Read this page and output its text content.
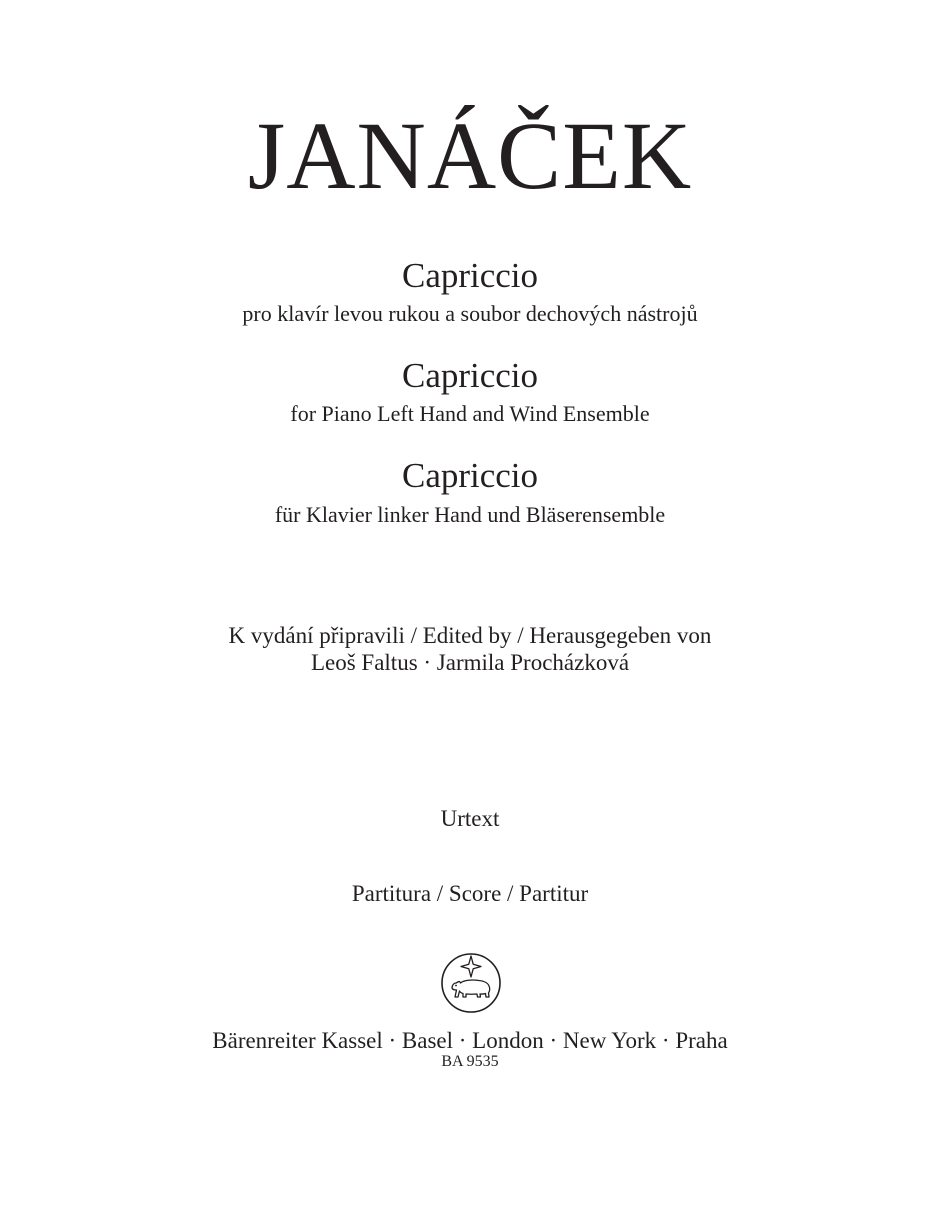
JANÁČEK
Capriccio
pro klavír levou rukou a soubor dechových nástrojů
Capriccio
for Piano Left Hand and Wind Ensemble
Capriccio
für Klavier linker Hand und Bläserensemble
K vydání připravili / Edited by / Herausgegeben von
Leoš Faltus · Jarmila Procházková
Urtext
Partitura / Score / Partitur
Bärenreiter Kassel · Basel · London · New York · Praha
BA 9535
